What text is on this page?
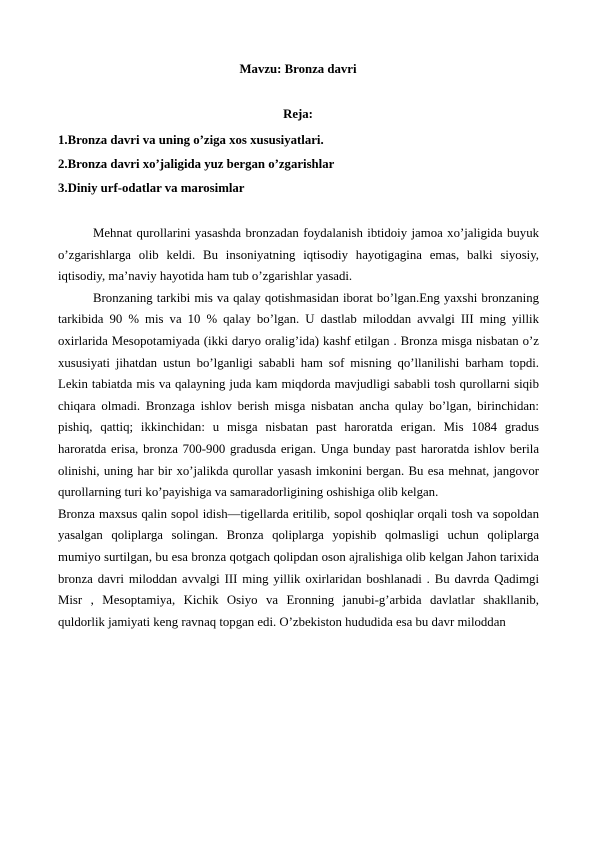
Mavzu: Bronza davri
Reja:
1.Bronza davri va uning o’ziga xos xususiyatlari.
2.Bronza davri xo’jaligida yuz bergan o’zgarishlar
3.Diniy urf-odatlar va marosimlar

Mehnat qurollarini yasashda bronzadan foydalanish ibtidoiy jamoa xo’jaligida buyuk o’zgarishlarga olib keldi. Bu insoniyatning iqtisodiy hayotigagina emas, balki siyosiy, iqtisodiy, ma’naviy hayotida ham tub o’zgarishlar yasadi.

Bronzaning tarkibi mis va qalay qotishmasidan iborat bo’lgan.Eng yaxshi bronzaning tarkibida 90 % mis va 10 % qalay bo’lgan. U dastlab miloddan avvalgi III ming yillik oxirlarida Mesopotamiyada (ikki daryo oralig’ida) kashf etilgan . Bronza misga nisbatan o’z xususiyati jihatdan ustun bo’lganligi sababli ham sof misning qo’llanilishi barham topdi. Lekin tabiatda mis va qalayning juda kam miqdorda mavjudligi sababli tosh qurollarni siqib chiqara olmadi. Bronzaga ishlov berish misga nisbatan ancha qulay bo’lgan, birinchidan: pishiq, qattiq; ikkinchidan: u misga nisbatan past haroratda erigan. Mis 1084 gradus haroratda erisa, bronza 700-900 gradusda erigan. Unga bunday past haroratda ishlov berila olinishi, uning har bir xo’jalikda qurollar yasash imkonini bergan. Bu esa mehnat, jangovor qurollarning turi ko’payishiga va samaradorligining oshishiga olib kelgan.

Bronza maxsus qalin sopol idish—tigellarda eritilib, sopol qoshiqlar orqali tosh va sopoldan yasalgan qoliplarga solingan. Bronza qoliplarga yopishib qolmasligi uchun qoliplarga mumiyo surtilgan, bu esa bronza qotgach qolipdan oson ajralishiga olib kelgan Jahon tarixida bronza davri miloddan avvalgi III ming yillik oxirlaridan boshlanadi . Bu davrda Qadimgi Misr , Mesoptamiya, Kichik Osiyo va Eronning janubi-g’arbida davlatlar shakllanib, quldorlik jamiyati keng ravnaq topgan edi. O’zbekiston hududida esa bu davr miloddan
